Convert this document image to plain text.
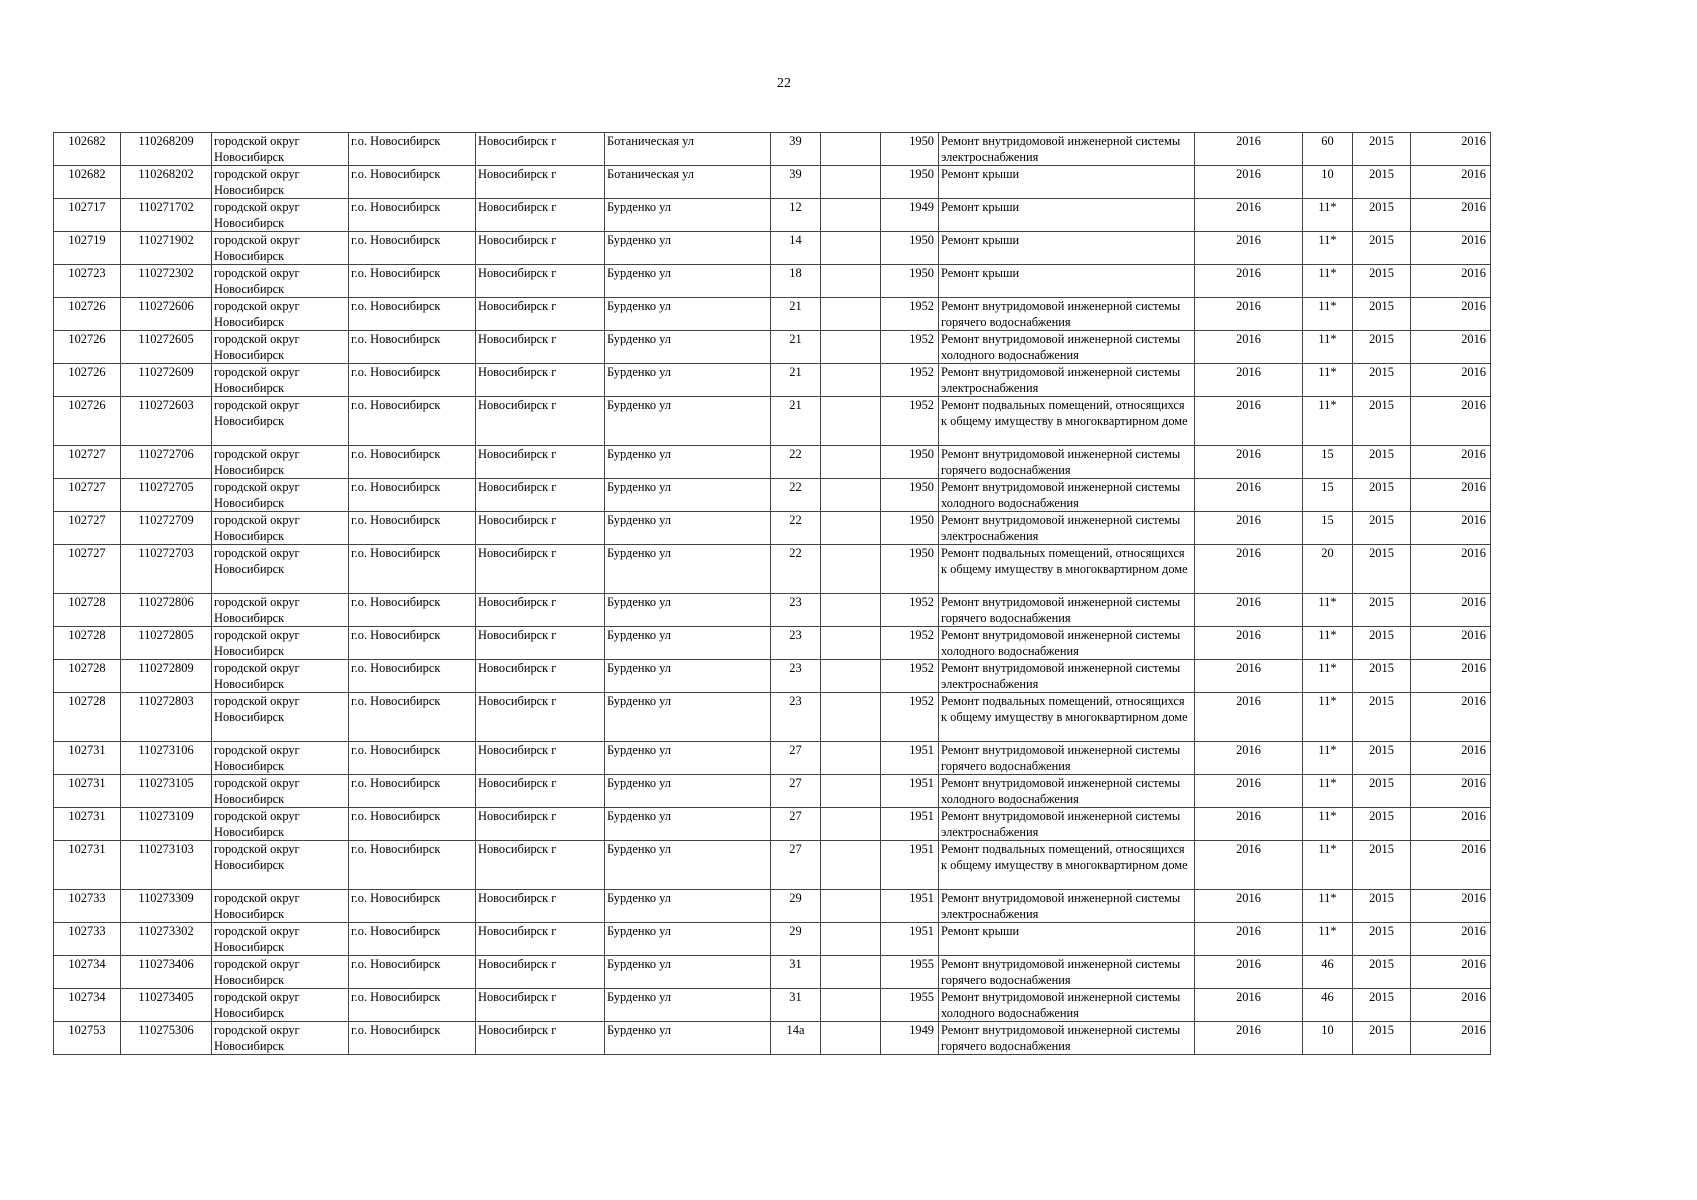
22
102682	110268209	городской округ Новосибирск	г.о. Новосибирск	Новосибирск г	Ботаническая ул	39		1950	Ремонт внутридомовой инженерной системы электроснабжения	2016	60	2015	2016
102682	110268202	городской округ Новосибирск	г.о. Новосибирск	Новосибирск г	Ботаническая ул	39		1950	Ремонт крыши	2016	10	2015	2016
102717	110271702	городской округ Новосибирск	г.о. Новосибирск	Новосибирск г	Бурденко ул	12		1949	Ремонт крыши	2016	11*	2015	2016
102719	110271902	городской округ Новосибирск	г.о. Новосибирск	Новосибирск г	Бурденко ул	14		1950	Ремонт крыши	2016	11*	2015	2016
102723	110272302	городской округ Новосибирск	г.о. Новосибирск	Новосибирск г	Бурденко ул	18		1950	Ремонт крыши	2016	11*	2015	2016
102726	110272606	городской округ Новосибирск	г.о. Новосибирск	Новосибирск г	Бурденко ул	21		1952	Ремонт внутридомовой инженерной системы горячего водоснабжения	2016	11*	2015	2016
102726	110272605	городской округ Новосибирск	г.о. Новосибирск	Новосибирск г	Бурденко ул	21		1952	Ремонт внутридомовой инженерной системы холодного водоснабжения	2016	11*	2015	2016
102726	110272609	городской округ Новосибирск	г.о. Новосибирск	Новосибирск г	Бурденко ул	21		1952	Ремонт внутридомовой инженерной системы электроснабжения	2016	11*	2015	2016
102726	110272603	городской округ Новосибирск	г.о. Новосибирск	Новосибирск г	Бурденко ул	21		1952	Ремонт подвальных помещений, относящихся к общему имуществу в многоквартирном доме	2016	11*	2015	2016
102727	110272706	городской округ Новосибирск	г.о. Новосибирск	Новосибирск г	Бурденко ул	22		1950	Ремонт внутридомовой инженерной системы горячего водоснабжения	2016	15	2015	2016
102727	110272705	городской округ Новосибирск	г.о. Новосибирск	Новосибирск г	Бурденко ул	22		1950	Ремонт внутридомовой инженерной системы холодного водоснабжения	2016	15	2015	2016
102727	110272709	городской округ Новосибирск	г.о. Новосибирск	Новосибирск г	Бурденко ул	22		1950	Ремонт внутридомовой инженерной системы электроснабжения	2016	15	2015	2016
102727	110272703	городской округ Новосибирск	г.о. Новосибирск	Новосибирск г	Бурденко ул	22		1950	Ремонт подвальных помещений, относящихся к общему имуществу в многоквартирном доме	2016	20	2015	2016
102728	110272806	городской округ Новосибирск	г.о. Новосибирск	Новосибирск г	Бурденко ул	23		1952	Ремонт внутридомовой инженерной системы горячего водоснабжения	2016	11*	2015	2016
102728	110272805	городской округ Новосибирск	г.о. Новосибирск	Новосибирск г	Бурденко ул	23		1952	Ремонт внутридомовой инженерной системы холодного водоснабжения	2016	11*	2015	2016
102728	110272809	городской округ Новосибирск	г.о. Новосибирск	Новосибирск г	Бурденко ул	23		1952	Ремонт внутридомовой инженерной системы электроснабжения	2016	11*	2015	2016
102728	110272803	городской округ Новосибирск	г.о. Новосибирск	Новосибирск г	Бурденко ул	23		1952	Ремонт подвальных помещений, относящихся к общему имуществу в многоквартирном доме	2016	11*	2015	2016
102731	110273106	городской округ Новосибирск	г.о. Новосибирск	Новосибирск г	Бурденко ул	27		1951	Ремонт внутридомовой инженерной системы горячего водоснабжения	2016	11*	2015	2016
102731	110273105	городской округ Новосибирск	г.о. Новосибирск	Новосибирск г	Бурденко ул	27		1951	Ремонт внутридомовой инженерной системы холодного водоснабжения	2016	11*	2015	2016
102731	110273109	городской округ Новосибирск	г.о. Новосибирск	Новосибирск г	Бурденко ул	27		1951	Ремонт внутридомовой инженерной системы электроснабжения	2016	11*	2015	2016
102731	110273103	городской округ Новосибирск	г.о. Новосибирск	Новосибирск г	Бурденко ул	27		1951	Ремонт подвальных помещений, относящихся к общему имуществу в многоквартирном доме	2016	11*	2015	2016
102733	110273309	городской округ Новосибирск	г.о. Новосибирск	Новосибирск г	Бурденко ул	29		1951	Ремонт внутридомовой инженерной системы электроснабжения	2016	11*	2015	2016
102733	110273302	городской округ Новосибирск	г.о. Новосибирск	Новосибирск г	Бурденко ул	29		1951	Ремонт крыши	2016	11*	2015	2016
102734	110273406	городской округ Новосибирск	г.о. Новосибирск	Новосибирск г	Бурденко ул	31		1955	Ремонт внутридомовой инженерной системы горячего водоснабжения	2016	46	2015	2016
102734	110273405	городской округ Новосибирск	г.о. Новосибирск	Новосибирск г	Бурденко ул	31		1955	Ремонт внутридомовой инженерной системы холодного водоснабжения	2016	46	2015	2016
102753	110275306	городской округ Новосибирск	г.о. Новосибирск	Новосибирск г	Бурденко ул	14а		1949	Ремонт внутридомовой инженерной системы горячего водоснабжения	2016	10	2015	2016
